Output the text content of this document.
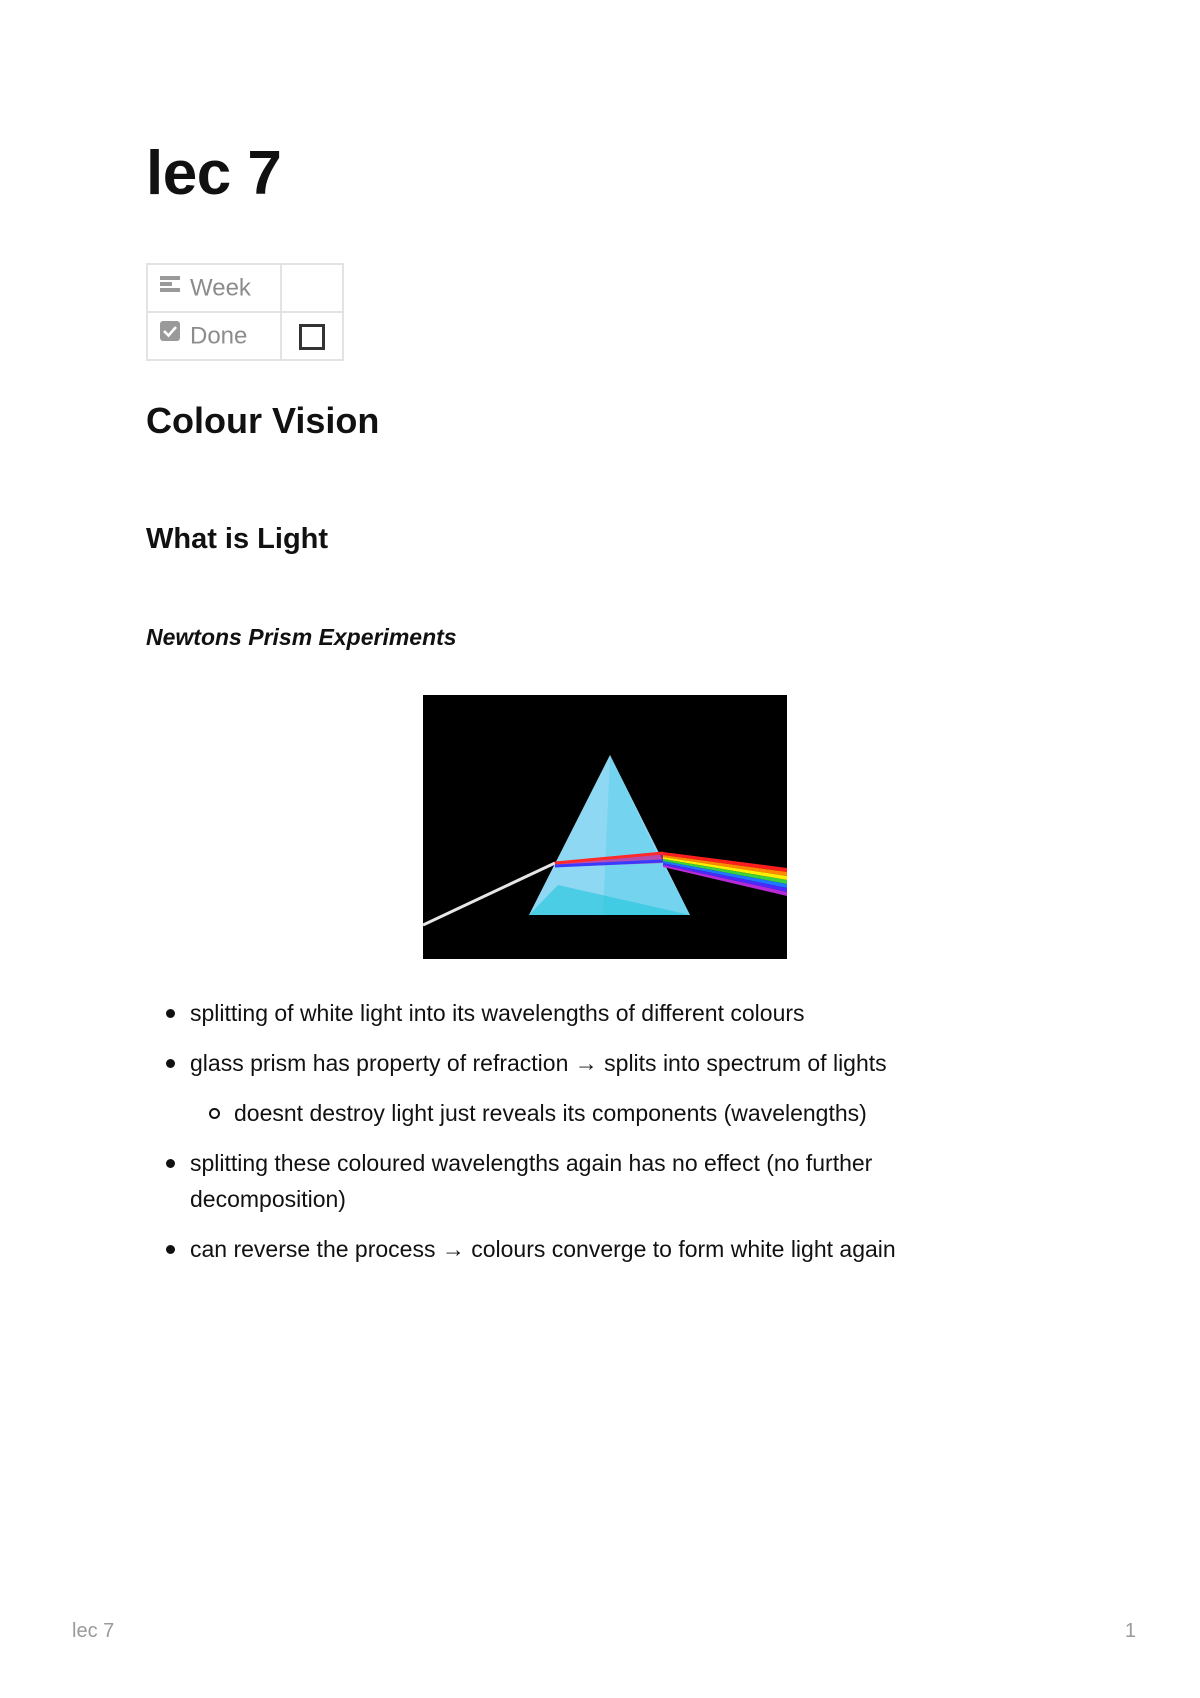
lec 7
Week	
Done	
Colour Vision
What is Light
Newtons Prism Experiments
splitting of white light into its wavelengths of different colours
glass prism has property of refraction → splits into spectrum of lights
doesnt destroy light just reveals its components (wavelengths)
splitting these coloured wavelengths again has no effect (no further decomposition)
can reverse the process → colours converge to form white light again
lec 7	1
